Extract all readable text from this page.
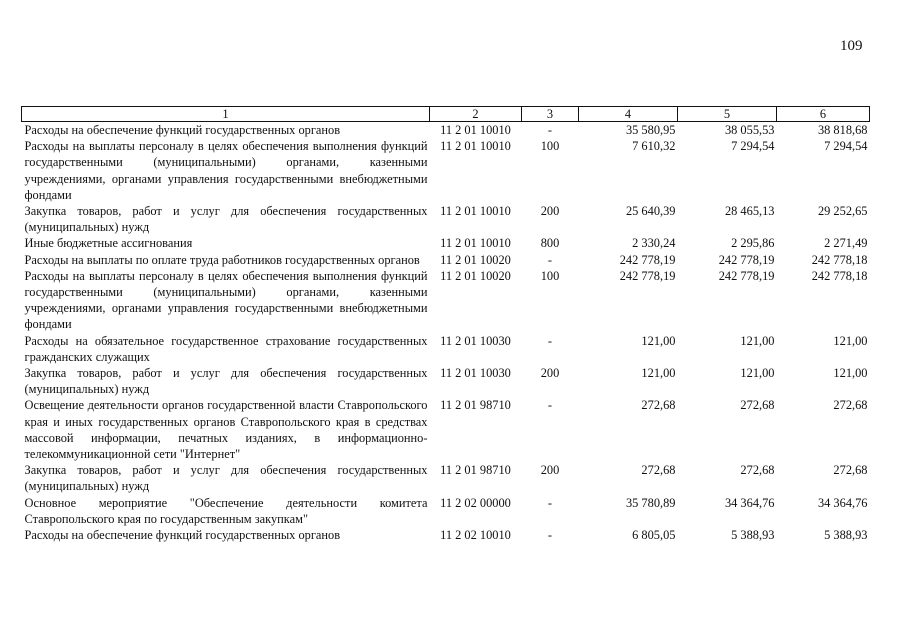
109
1	2	3	4	5	6
Расходы на обеспечение функций государственных органов	11 2 01 10010	-	35 580,95	38 055,53	38 818,68
Расходы на выплаты персоналу в целях обеспечения выполнения функций государственными (муниципальными) органами, казенными учреждениями, органами управления государственными внебюджетными фондами	11 2 01 10010	100	7 610,32	7 294,54	7 294,54
Закупка товаров, работ и услуг для обеспечения государственных (муниципальных) нужд	11 2 01 10010	200	25 640,39	28 465,13	29 252,65
Иные бюджетные ассигнования	11 2 01 10010	800	2 330,24	2 295,86	2 271,49
Расходы на выплаты по оплате труда работников государственных органов	11 2 01 10020	-	242 778,19	242 778,19	242 778,18
Расходы на выплаты персоналу в целях обеспечения выполнения функций государственными (муниципальными) органами, казенными учреждениями, органами управления государственными внебюджетными фондами	11 2 01 10020	100	242 778,19	242 778,19	242 778,18
Расходы на обязательное государственное страхование государственных гражданских служащих	11 2 01 10030	-	121,00	121,00	121,00
Закупка товаров, работ и услуг для обеспечения государственных (муниципальных) нужд	11 2 01 10030	200	121,00	121,00	121,00
Освещение деятельности органов государственной власти Ставропольского края и иных государственных органов Ставропольского края в средствах массовой информации, печатных изданиях, в информационно-телекоммуникационной сети "Интернет"	11 2 01 98710	-	272,68	272,68	272,68
Закупка товаров, работ и услуг для обеспечения государственных (муниципальных) нужд	11 2 01 98710	200	272,68	272,68	272,68
Основное мероприятие "Обеспечение деятельности комитета Ставропольского края по государственным закупкам"	11 2 02 00000	-	35 780,89	34 364,76	34 364,76
Расходы на обеспечение функций государственных органов	11 2 02 10010	-	6 805,05	5 388,93	5 388,93
